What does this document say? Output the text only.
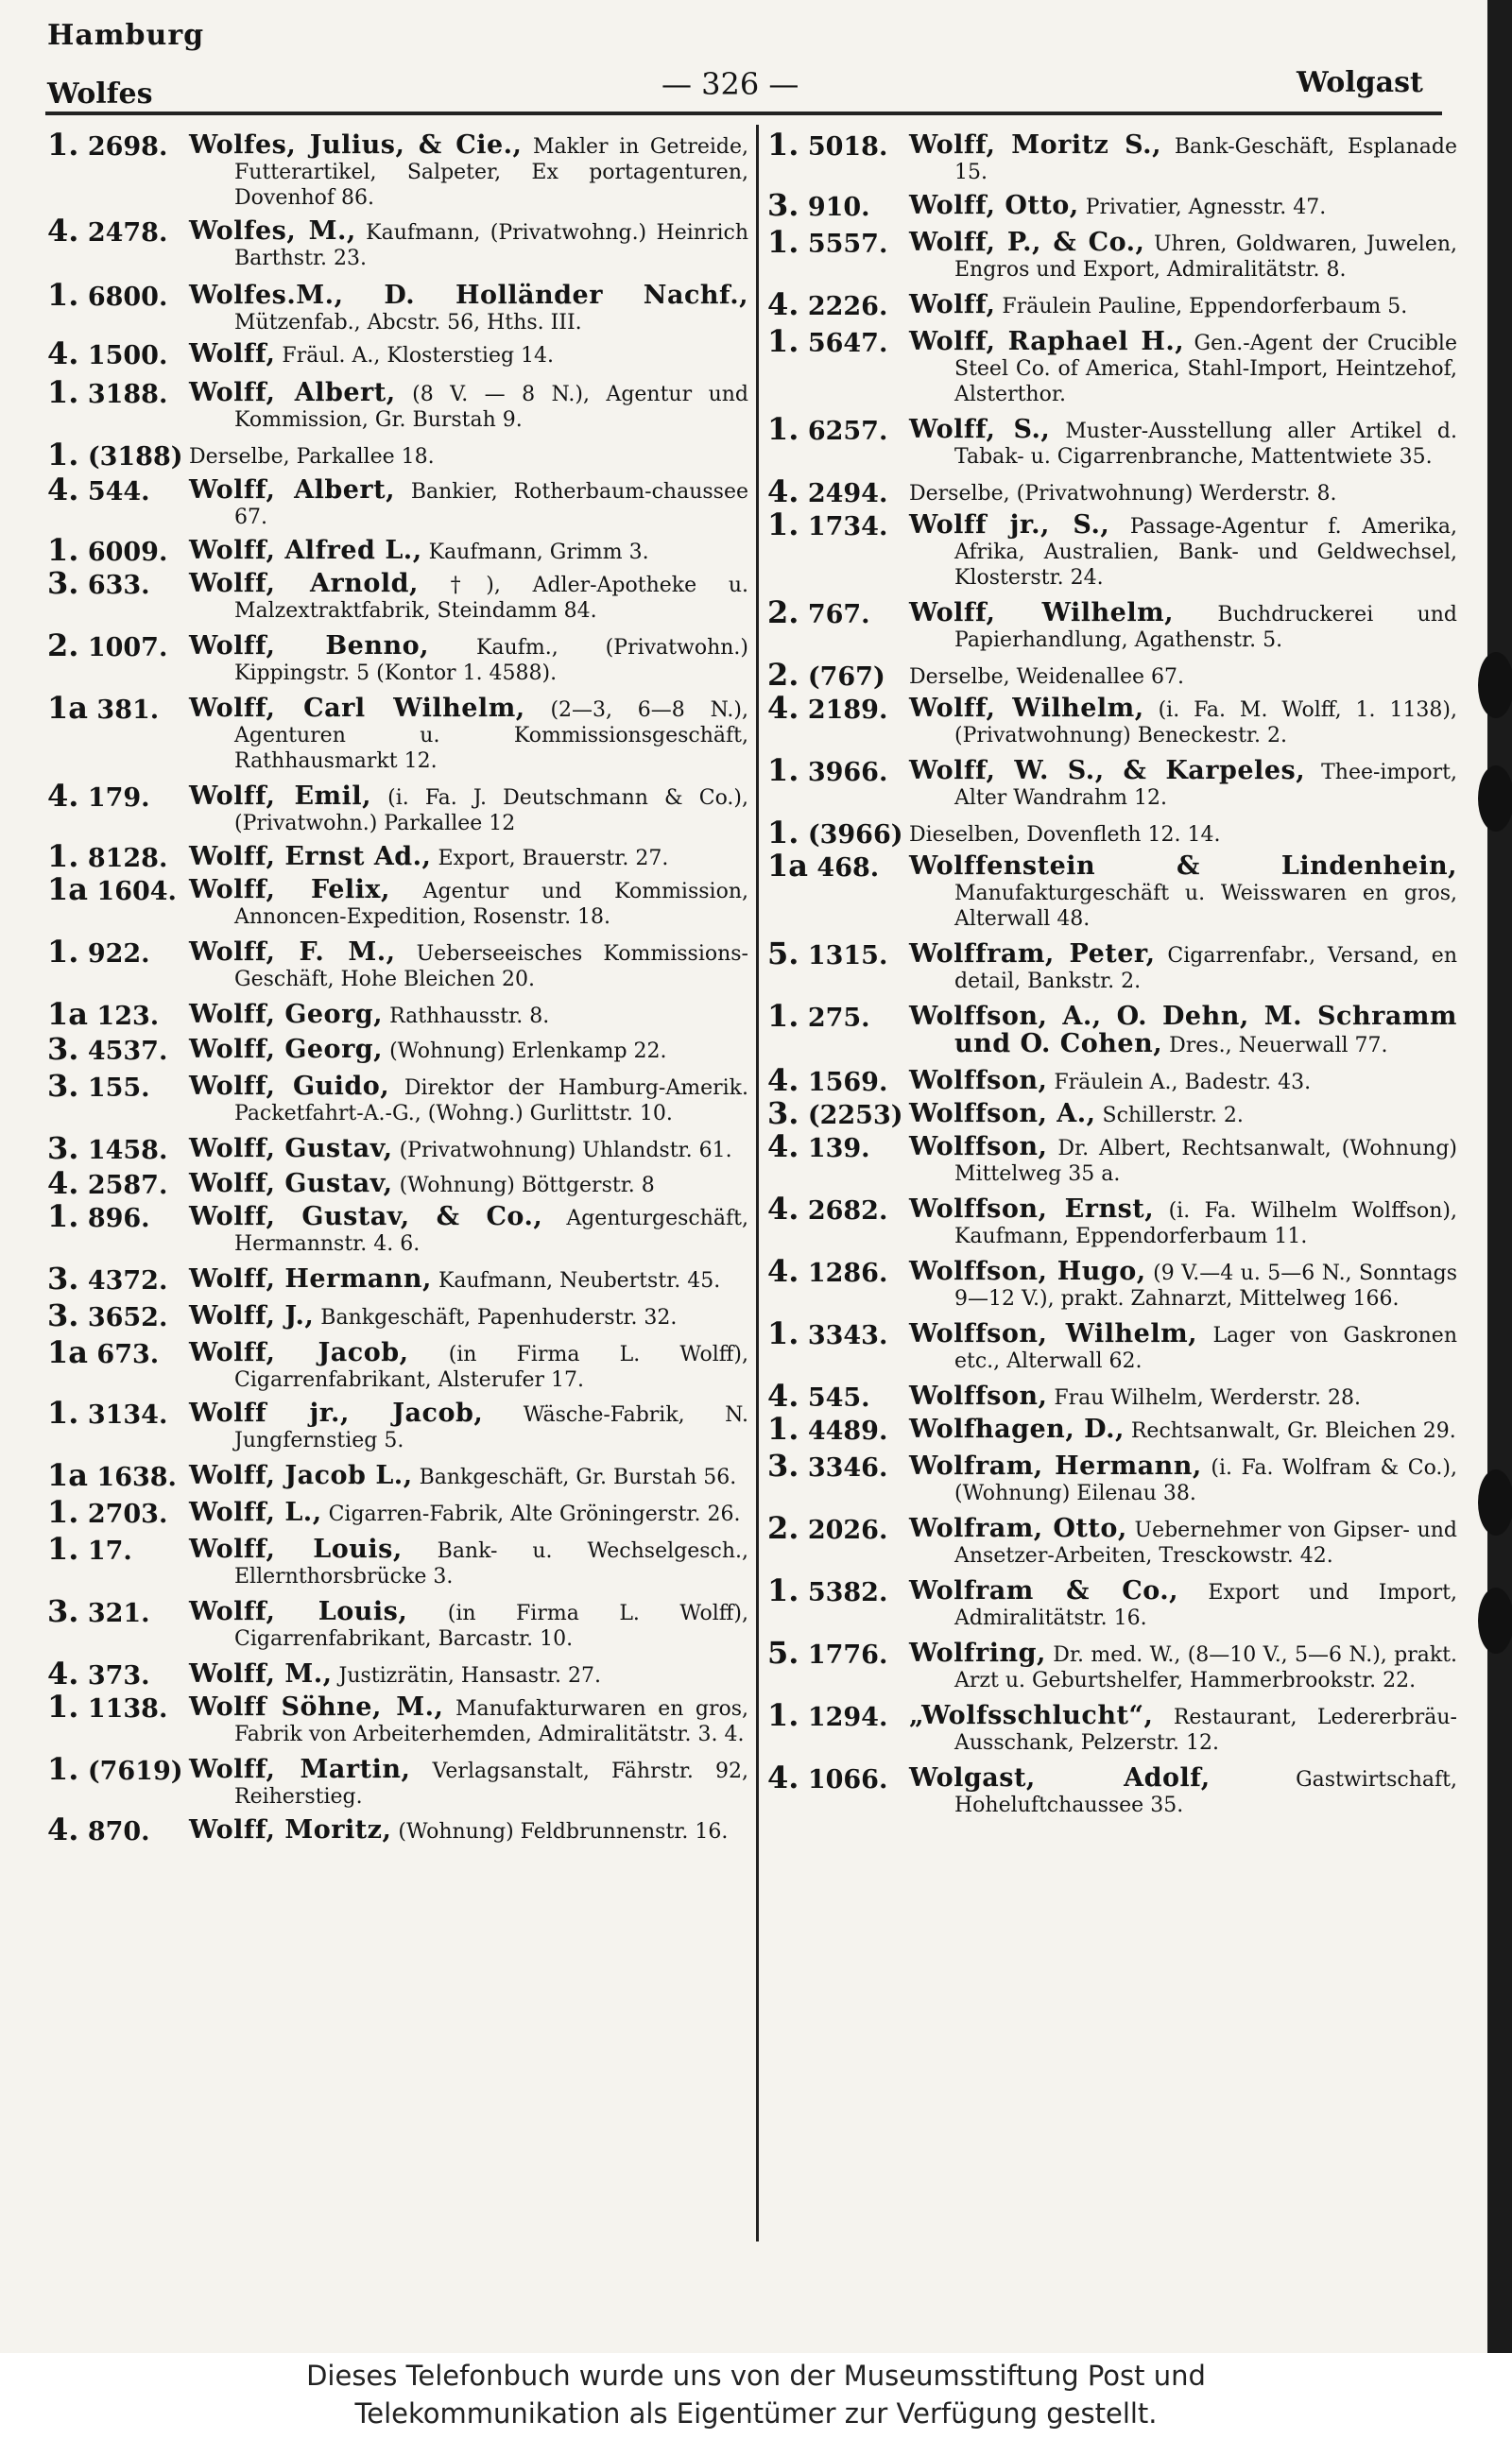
Hamburg
Wolfes	— 326 —	Wolgast
1. 2698. Wolfes, Julius, & Cie., Makler in Getreide, Futterartikel, Salpeter, Ex portagenturen, Dovenhof 86.
4. 2478. Wolfes, M., Kaufmann, (Privatwohng.) Heinrich Barthstr. 23.
1. 6800. Wolfes.M., D. Holländer Nachf., Mützenfab., Abcstr. 56, Hths. III.
4. 1500. Wolff, Fräul. A., Klosterstieg 14.
1. 3188. Wolff, Albert, (8 V. — 8 N.), Agentur und Kommission, Gr. Burstah 9.
1. (3188) Derselbe, Parkallee 18.
4. 544.	Wolff, Albert, Bankier, Rotherbaum-chaussee 67.
1. 6009. Wolff, Alfred L., Kaufmann, Grimm 3.
3. 633.	Wolff, Arnold, †), Adler-Apotheke u. Malzextraktfabrik, Steindamm 84.
2. 1007. Wolff, Benno, Kaufm., (Privatwohn.) Kippingstr. 5 (Kontor 1. 4588).
1a 381.	Wolff, Carl Wilhelm, (2—3, 6—8 N.), Agenturen u. Kommissionsgeschäft, Rathhausmarkt 12.
4. 179.	Wolff, Emil, (i. Fa. J. Deutschmann & Co.), (Privatwohn.) Parkallee 12
1. 8128. Wolff, Ernst Ad., Export, Brauerstr. 27.
1a 1604. Wolff, Felix, Agentur und Kommission, Annoncen-Expedition, Rosenstr. 18.
1. 922.	Wolff, F. M., Ueberseeisches Kommissions-Geschäft, Hohe Bleichen 20.
1a 123.	Wolff, Georg, Rathhausstr. 8.
3. 4537. Wolff, Georg, (Wohnung) Erlenkamp 22.
3. 155.	Wolff, Guido, Direktor der Hamburg-Amerik. Packetfahrt-A.-G., (Wohng.) Gurlittstr. 10.
3. 1458. Wolff, Gustav, (Privatwohnung) Uhlandstr. 61.
4. 2587. Wolff, Gustav, (Wohnung) Böttgerstr. 8
1. 896.	Wolff, Gustav, & Co., Agenturgeschäft, Hermannstr. 4. 6.
3. 4372. Wolff, Hermann, Kaufmann, Neubertstr. 45.
3. 3652. Wolff, J., Bankgeschäft, Papenhuderstr. 32.
1a 673.	Wolff, Jacob, (in Firma L. Wolff), Cigarrenfabrikant, Alsterufer 17.
1. 3134. Wolff jr., Jacob, Wäsche-Fabrik, N. Jungfernstieg 5.
1a 1638. Wolff, Jacob L., Bankgeschäft, Gr. Burstah 56.
1. 2703. Wolff, L., Cigarren-Fabrik, Alte Gröningerstr. 26.
1. 17.	Wolff, Louis, Bank- u. Wechselgesch., Ellernthorsbrücke 3.
3. 321.	Wolff, Louis, (in Firma L. Wolff), Cigarrenfabrikant, Barcastr. 10.
4. 373.	Wolff, M., Justizrätin, Hansastr. 27.
1. 1138. Wolff Söhne, M., Manufakturwaren en gros, Fabrik von Arbeiterhemden, Admiralitätstr. 3. 4.
1. (7619) Wolff, Martin, Verlagsanstalt, Fährstr. 92, Reiherstieg.
4. 870.	Wolff, Moritz, (Wohnung) Feldbrunnenstr. 16.
1. 5018. Wolff, Moritz S., Bank-Geschäft, Esplanade 15.
3. 910.	Wolff, Otto, Privatier, Agnesstr. 47.
1. 5557. Wolff, P., & Co., Uhren, Goldwaren, Juwelen, Engros und Export, Admiralitätstr. 8.
4. 2226. Wolff, Fräulein Pauline, Eppendorferbaum 5.
1. 5647. Wolff, Raphael H., Gen.-Agent der Crucible Steel Co. of America, Stahl-Import, Heintzehof, Alsterthor.
1. 6257. Wolff, S., Muster-Ausstellung aller Artikel d. Tabak- u. Cigarrenbranche, Mattentwiete 35.
4. 2494.	Derselbe, (Privatwohnung) Werderstr. 8.
1. 1734. Wolff jr., S., Passage-Agentur f. Amerika, Afrika, Australien, Bank- und Geldwechsel, Klosterstr. 24.
2. 767.	Wolff, Wilhelm, Buchdruckerei und Papierhandlung, Agathenstr. 5.
2. (767)	Derselbe, Weidenallee 67.
4. 2189. Wolff, Wilhelm, (i. Fa. M. Wolff, 1. 1138), (Privatwohnung) Beneckestr. 2.
1. 3966. Wolff, W. S., & Karpeles, Thee-import, Alter Wandrahm 12.
1. (3966) Dieselben, Dovenfleth 12. 14.
1a 468.	Wolffenstein & Lindenhein, Manufakturgeschäft u. Weisswaren en gros, Alterwall 48.
5. 1315. Wolffram, Peter, Cigarrenfabr., Versand, en detail, Bankstr. 2.
1. 275.	Wolffson, A., O. Dehn, M. Schramm und O. Cohen, Dres., Neuerwall 77.
4. 1569. Wolffson, Fräulein A., Badestr. 43.
3. (2253) Wolffson, A., Schillerstr. 2.
4. 139.	Wolffson, Dr. Albert, Rechtsanwalt, (Wohnung) Mittelweg 35 a.
4. 2682. Wolffson, Ernst, (i. Fa. Wilhelm Wolffson), Kaufmann, Eppendorferbaum 11.
4. 1286. Wolffson, Hugo, (9 V.—4 u. 5—6 N., Sonntags 9—12 V.), prakt. Zahnarzt, Mittelweg 166.
1. 3343. Wolffson, Wilhelm, Lager von Gaskronen etc., Alterwall 62.
4. 545.	Wolffson, Frau Wilhelm, Werderstr. 28.
1. 4489. Wolfhagen, D., Rechtsanwalt, Gr. Bleichen 29.
3. 3346. Wolfram, Hermann, (i. Fa. Wolfram & Co.), (Wohnung) Eilenau 38.
2. 2026. Wolfram, Otto, Uebernehmer von Gipser- und Ansetzer-Arbeiten, Tresckowstr. 42.
1. 5382. Wolfram & Co., Export und Import, Admiralitätstr. 16.
5. 1776. Wolfring, Dr. med. W., (8—10 V., 5—6 N.), prakt. Arzt u. Geburtshelfer, Hammerbrookstr. 22.
1. 1294. „Wolfsschlucht“, Restaurant, Ledererbräu-Ausschank, Pelzerstr. 12.
4. 1066. Wolgast, Adolf, Gastwirtschaft, Hoheluftchaussee 35.
Dieses Telefonbuch wurde uns von der Museumsstiftung Post und
Telekommunikation als Eigentümer zur Verfügung gestellt.
